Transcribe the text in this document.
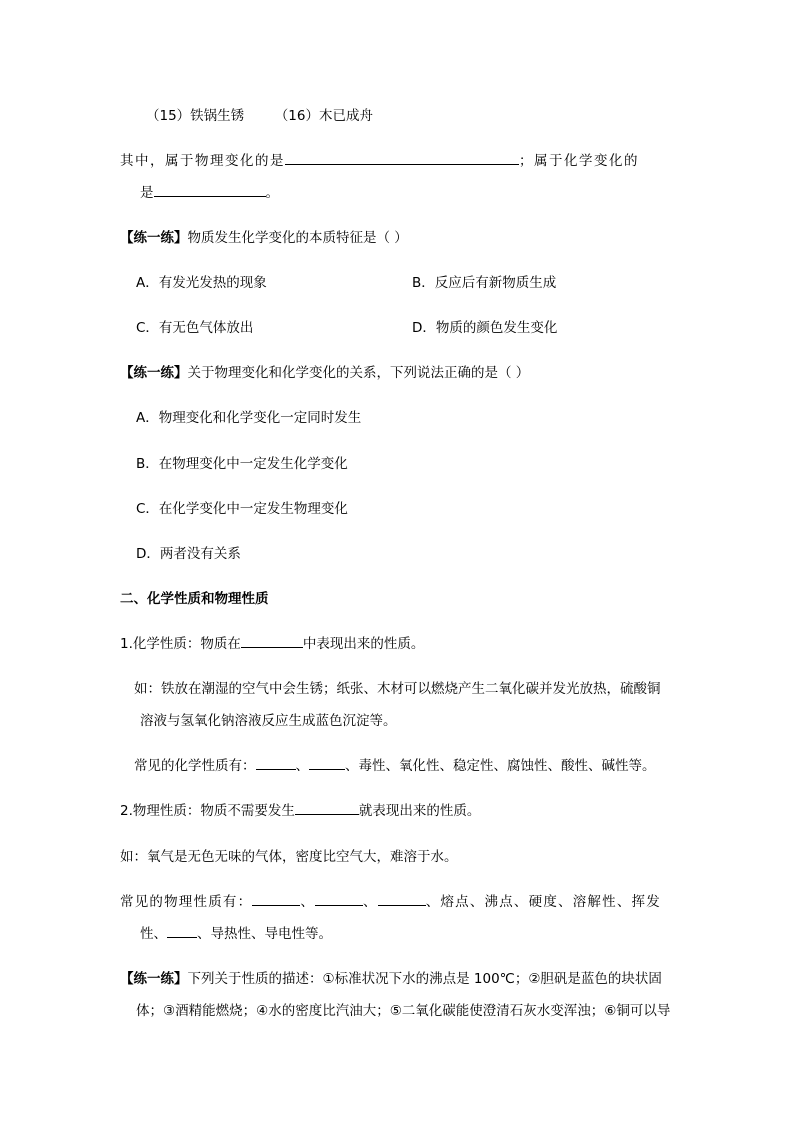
（15）铁锅生锈 （16）木已成舟
其中，属于物理变化的是	；属于化学变化的
是	。
【练一练】物质发生化学变化的本质特征是（ ）
A．有发光发热的现象	B．反应后有新物质生成
C．有无色气体放出	D．物质的颜色发生变化
【练一练】关于物理变化和化学变化的关系，下列说法正确的是（ ）
A．物理变化和化学变化一定同时发生
B．在物理变化中一定发生化学变化
C．在化学变化中一定发生物理变化
D．两者没有关系
二、化学性质和物理性质
1.化学性质：物质在	中表现出来的性质。
如：铁放在潮湿的空气中会生锈；纸张、木材可以燃烧产生二氧化碳并发光放热，硫酸铜
溶液与氢氧化钠溶液反应生成蓝色沉淀等。
常见的化学性质有：	、	、毒性、氧化性、稳定性、腐蚀性、酸性、碱性等。
2.物理性质：物质不需要发生	就表现出来的性质。
如：氧气是无色无味的气体，密度比空气大，难溶于水。
常见的物理性质有：	、	、	、熔点、沸点、硬度、溶解性、挥发
性、 、导热性、导电性等。
【练一练】下列关于性质的描述：①标准状况下水的沸点是 100℃；②胆矾是蓝色的块状固
体；③酒精能燃烧；④水的密度比汽油大；⑤二氧化碳能使澄清石灰水变浑浊；⑥铜可以导
